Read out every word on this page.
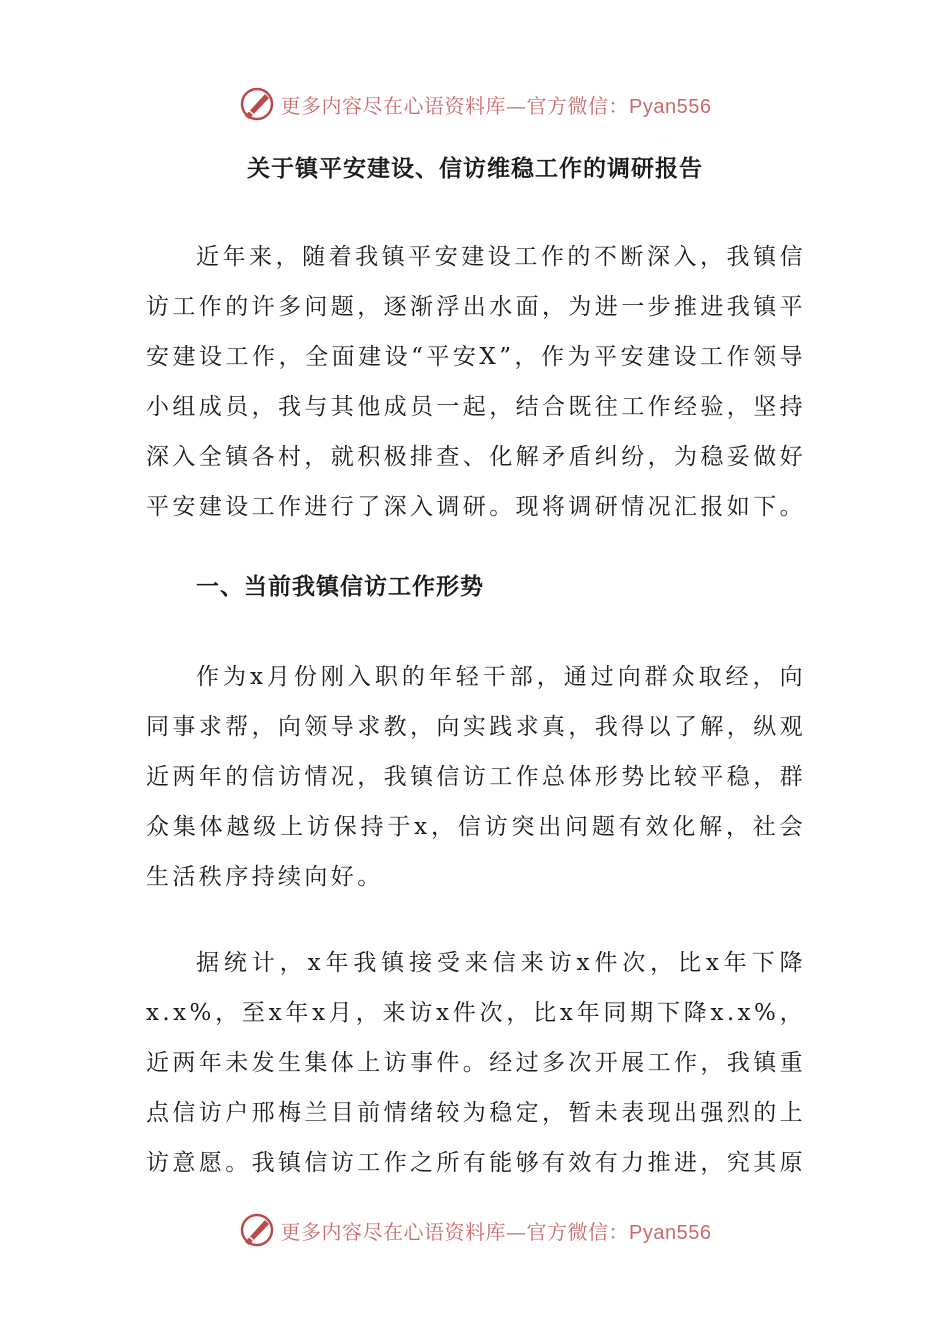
更多内容尽在心语资料库—官方微信：Pyan556
关于镇平安建设、信访维稳工作的调研报告

近年来，随着我镇平安建设工作的不断深入，我镇信访工作的许多问题，逐渐浮出水面，为进一步推进我镇平安建设工作，全面建设“平安X”，作为平安建设工作领导小组成员，我与其他成员一起，结合既往工作经验，坚持深入全镇各村，就积极排查、化解矛盾纠纷，为稳妥做好平安建设工作进行了深入调研。现将调研情况汇报如下。

一、当前我镇信访工作形势

作为x月份刚入职的年轻干部，通过向群众取经，向同事求帮，向领导求教，向实践求真，我得以了解，纵观近两年的信访情况，我镇信访工作总体形势比较平稳，群众集体越级上访保持于x，信访突出问题有效化解，社会生活秩序持续向好。

据统计，x年我镇接受来信来访x件次，比x年下降x.x%，至x年x月，来访x件次，比x年同期下降x.x%，近两年未发生集体上访事件。经过多次开展工作，我镇重点信访户邢梅兰目前情绪较为稳定，暂未表现出强烈的上访意愿。我镇信访工作之所有能够有效有力推进，究其原

更多内容尽在心语资料库—官方微信：Pyan556
